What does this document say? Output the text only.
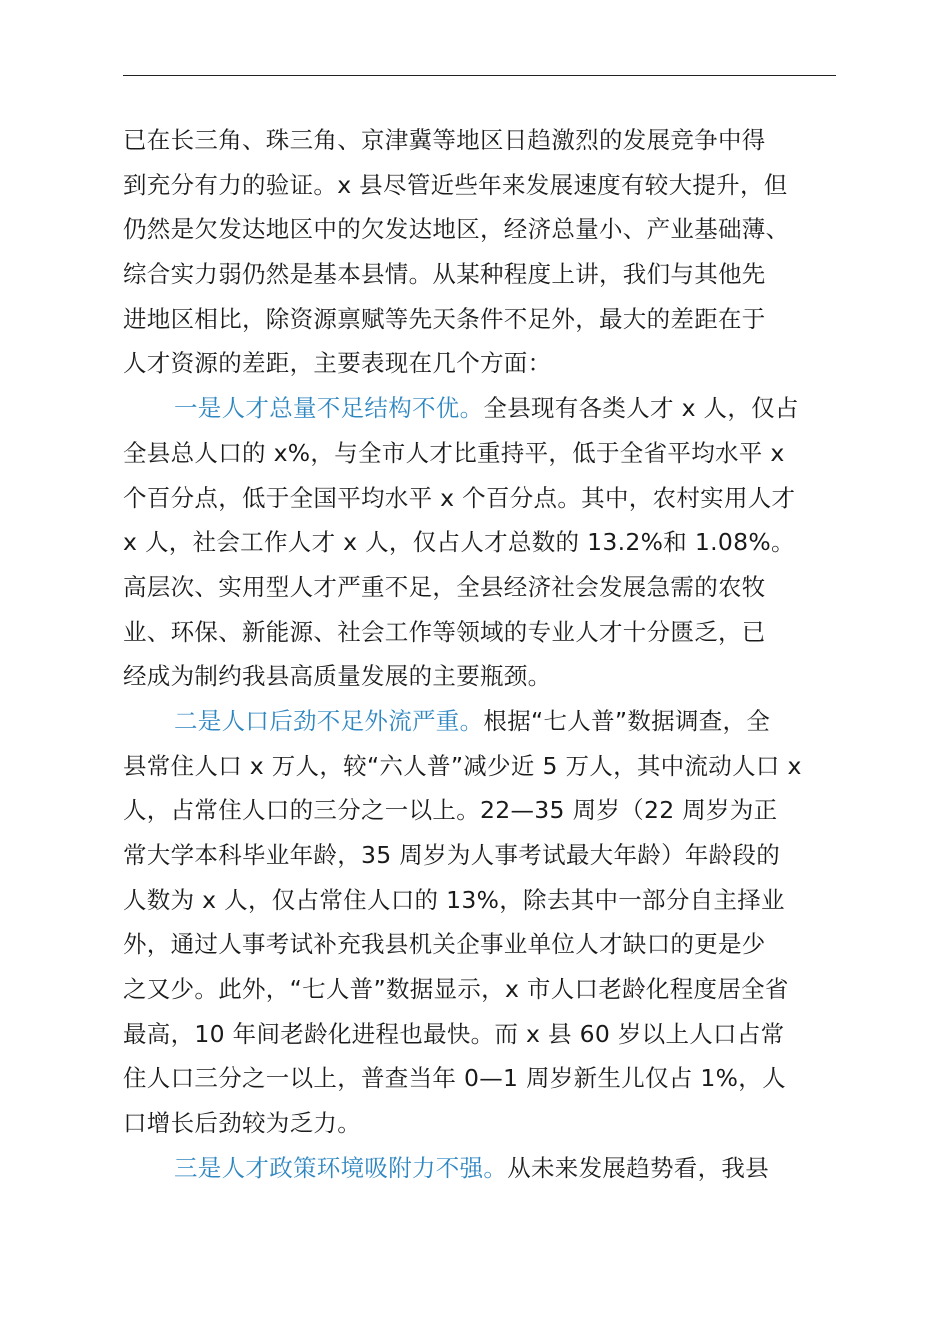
已在长三角、珠三角、京津冀等地区日趋激烈的发展竞争中得
到充分有力的验证。x 县尽管近些年来发展速度有较大提升，但
仍然是欠发达地区中的欠发达地区，经济总量小、产业基础薄、
综合实力弱仍然是基本县情。从某种程度上讲，我们与其他先
进地区相比，除资源禀赋等先天条件不足外，最大的差距在于
人才资源的差距，主要表现在几个方面：
一是人才总量不足结构不优。全县现有各类人才 x 人，仅占
全县总人口的 x%，与全市人才比重持平，低于全省平均水平 x
个百分点，低于全国平均水平 x 个百分点。其中，农村实用人才
x 人，社会工作人才 x 人，仅占人才总数的 13.2%和 1.08%。
高层次、实用型人才严重不足，全县经济社会发展急需的农牧
业、环保、新能源、社会工作等领域的专业人才十分匮乏，已
经成为制约我县高质量发展的主要瓶颈。
二是人口后劲不足外流严重。根据“七人普”数据调查，全
县常住人口 x 万人，较“六人普”减少近 5 万人，其中流动人口 x
人，占常住人口的三分之一以上。22—35 周岁（22 周岁为正
常大学本科毕业年龄，35 周岁为人事考试最大年龄）年龄段的
人数为 x 人，仅占常住人口的 13%，除去其中一部分自主择业
外，通过人事考试补充我县机关企事业单位人才缺口的更是少
之又少。此外，“七人普”数据显示，x 市人口老龄化程度居全省
最高，10 年间老龄化进程也最快。而 x 县 60 岁以上人口占常
住人口三分之一以上，普查当年 0—1 周岁新生儿仅占 1%，人
口增长后劲较为乏力。
三是人才政策环境吸附力不强。从未来发展趋势看，我县
